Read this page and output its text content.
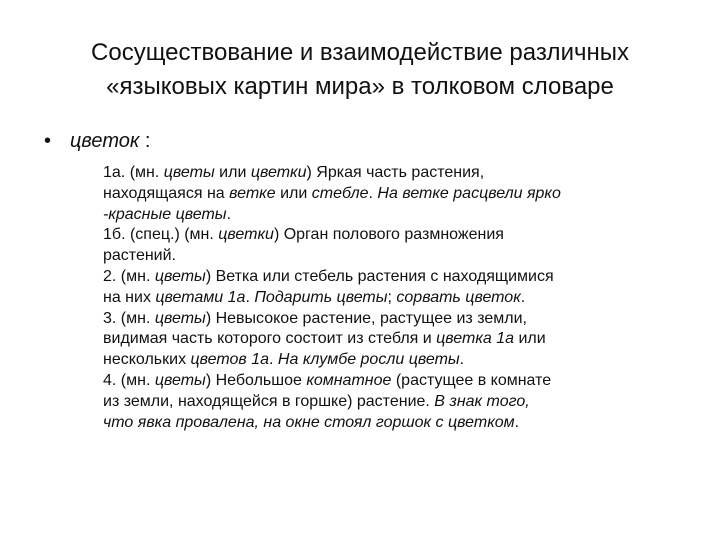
Сосуществование и взаимодействие различных
«языковых картин мира» в толковом словаре
• цветок :
1а. (мн. цветы или цветки) Яркая часть растения,
находящаяся на ветке или стебле. На ветке расцвели ярко
-красные цветы.
1б. (спец.) (мн. цветки) Орган полового размножения
растений.
2. (мн. цветы) Ветка или стебель растения с находящимися
на них цветами 1а. Подарить цветы; сорвать цветок.
3. (мн. цветы) Невысокое растение, растущее из земли,
видимая часть которого состоит из стебля и цветка 1а или
нескольких цветов 1а. На клумбе росли цветы.
4. (мн. цветы) Небольшое комнатное (растущее в комнате
из земли, находящейся в горшке) растение. В знак того,
что явка провалена, на окне стоял горшок с цветком.
